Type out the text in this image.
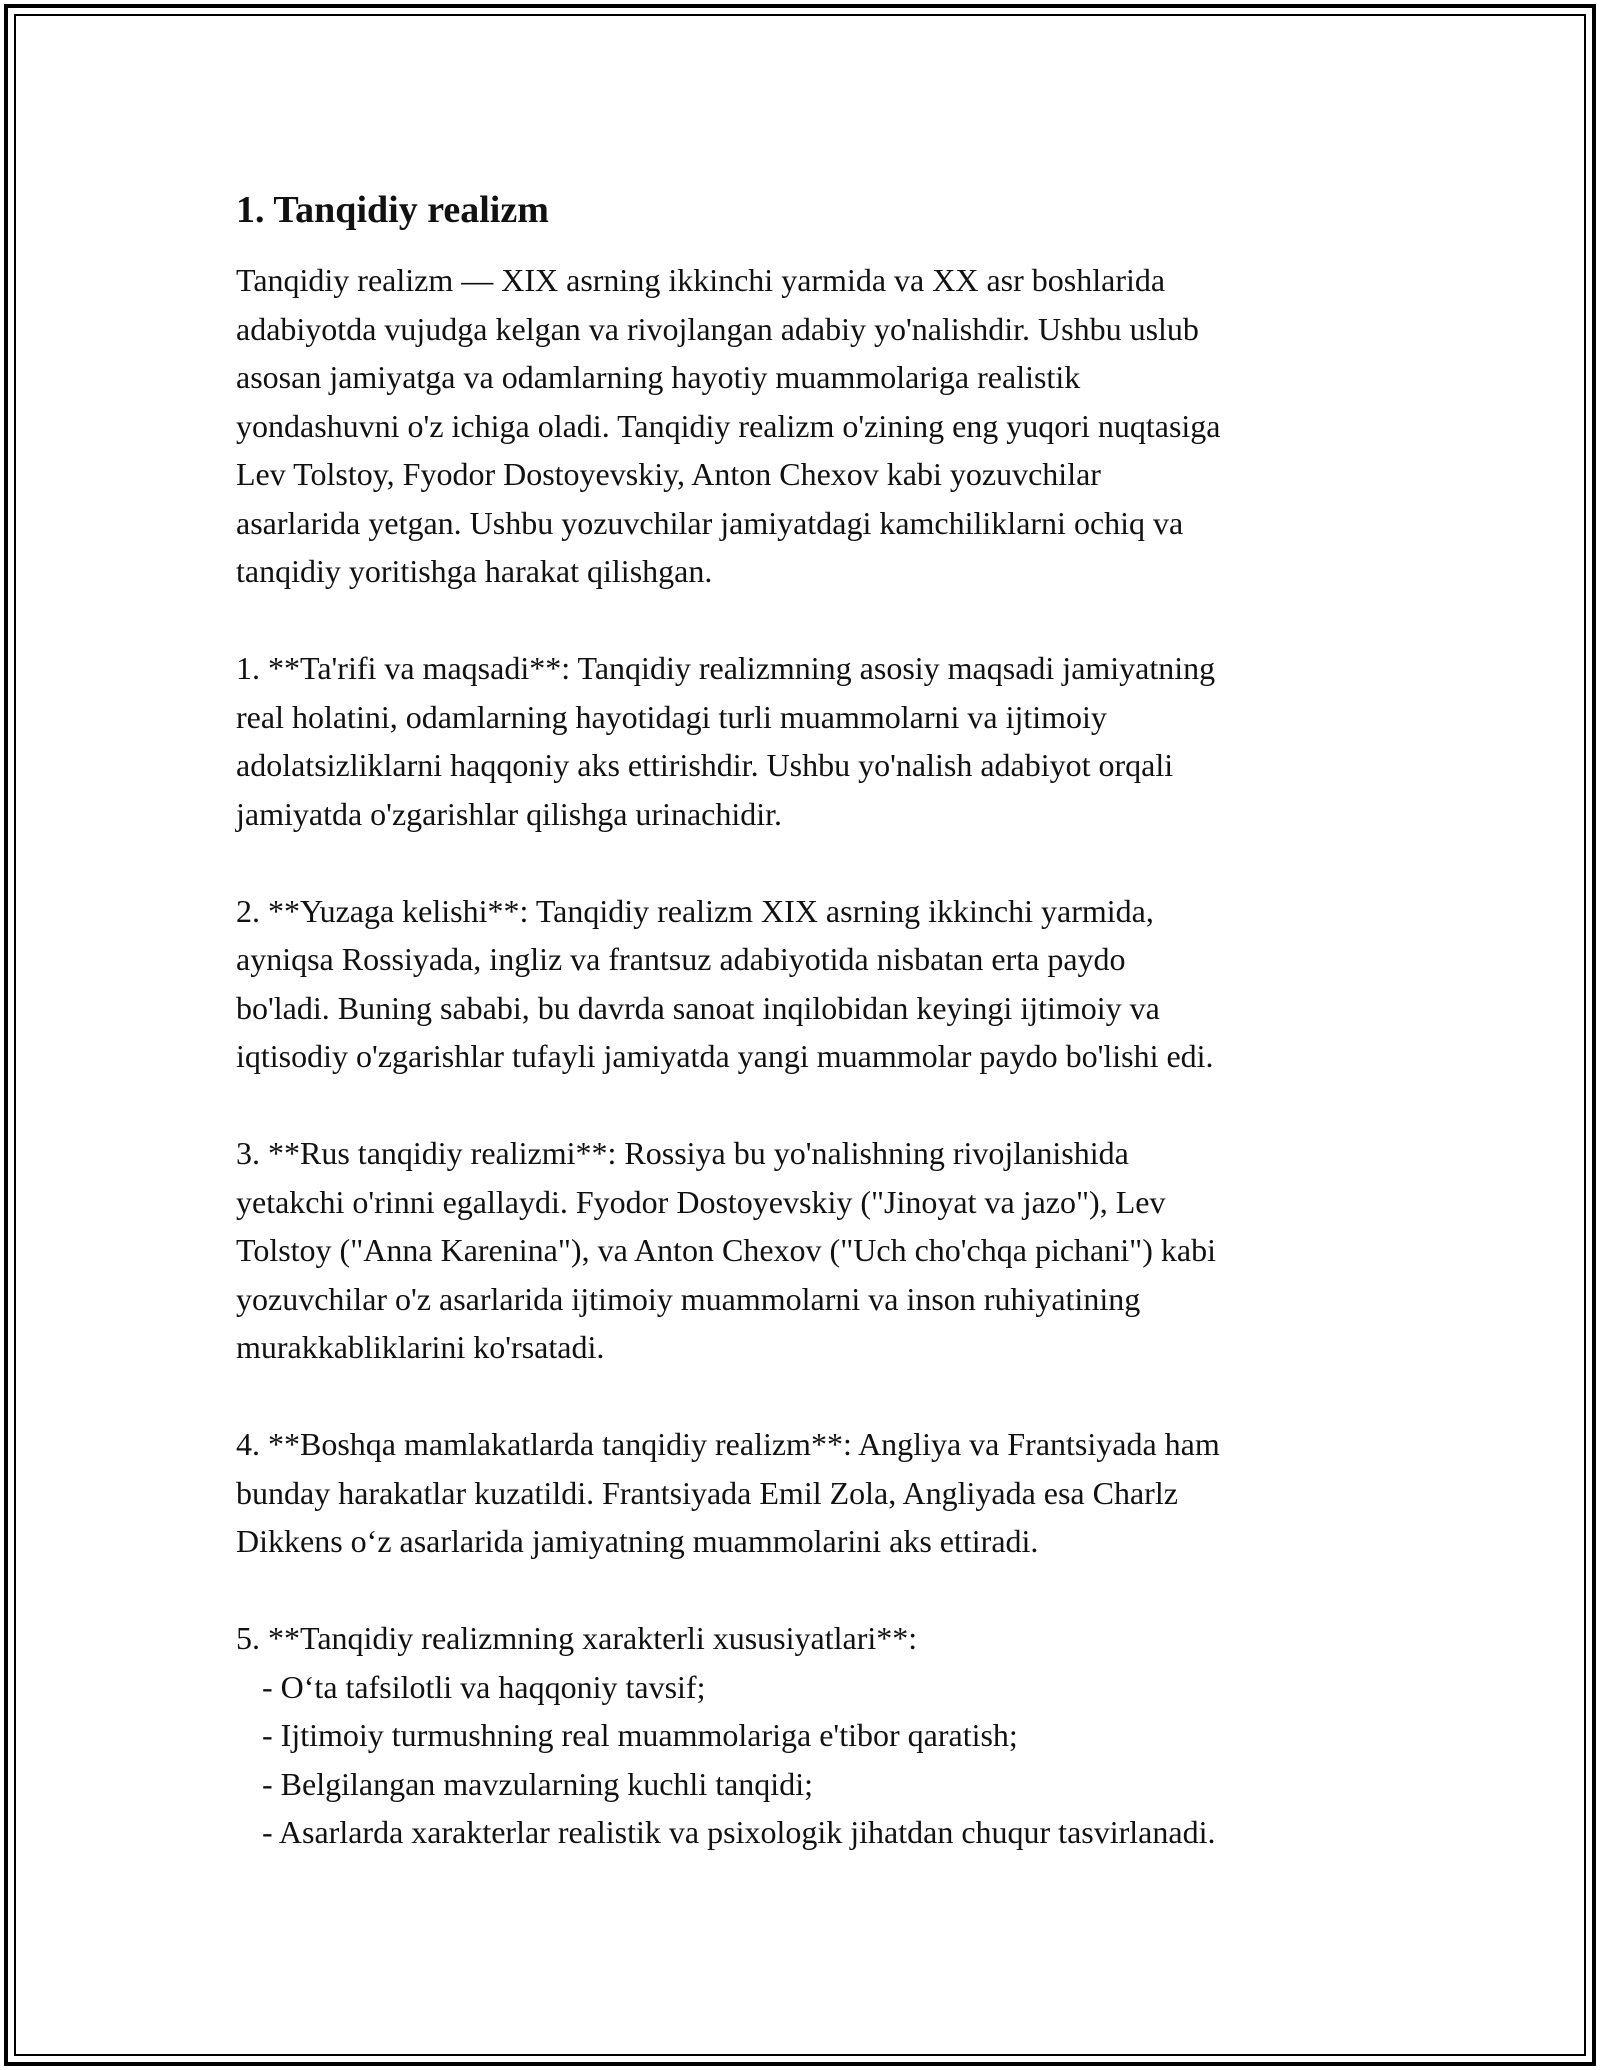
1. Tanqidiy realizm
Tanqidiy realizm — XIX asrning ikkinchi yarmida va XX asr boshlarida
adabiyotda vujudga kelgan va rivojlangan adabiy yo'nalishdir. Ushbu uslub
asosan jamiyatga va odamlarning hayotiy muammolariga realistik
yondashuvni o'z ichiga oladi. Tanqidiy realizm o'zining eng yuqori nuqtasiga
Lev Tolstoy, Fyodor Dostoyevskiy, Anton Chexov kabi yozuvchilar
asarlarida yetgan. Ushbu yozuvchilar jamiyatdagi kamchiliklarni ochiq va
tanqidiy yoritishga harakat qilishgan.
1. **Ta'rifi va maqsadi**: Tanqidiy realizmning asosiy maqsadi jamiyatning
real holatini, odamlarning hayotidagi turli muammolarni va ijtimoiy
adolatsizliklarni haqqoniy aks ettirishdir. Ushbu yo'nalish adabiyot orqali
jamiyatda o'zgarishlar qilishga urinachidir.
2. **Yuzaga kelishi**: Tanqidiy realizm XIX asrning ikkinchi yarmida,
ayniqsa Rossiyada, ingliz va frantsuz adabiyotida nisbatan erta paydo
bo'ladi. Buning sababi, bu davrda sanoat inqilobidan keyingi ijtimoiy va
iqtisodiy o'zgarishlar tufayli jamiyatda yangi muammolar paydo bo'lishi edi.
3. **Rus tanqidiy realizmi**: Rossiya bu yo'nalishning rivojlanishida
yetakchi o'rinni egallaydi. Fyodor Dostoyevskiy ("Jinoyat va jazo"), Lev
Tolstoy ("Anna Karenina"), va Anton Chexov ("Uch cho'chqa pichani") kabi
yozuvchilar o'z asarlarida ijtimoiy muammolarni va inson ruhiyatining
murakkabliklarini ko'rsatadi.
4. **Boshqa mamlakatlarda tanqidiy realizm**: Angliya va Frantsiyada ham
bunday harakatlar kuzatildi. Frantsiyada Emil Zola, Angliyada esa Charlz
Dikkens o‘z asarlarida jamiyatning muammolarini aks ettiradi.
5. **Tanqidiy realizmning xarakterli xususiyatlari**:
- O‘ta tafsilotli va haqqoniy tavsif;
- Ijtimoiy turmushning real muammolariga e'tibor qaratish;
- Belgilangan mavzularning kuchli tanqidi;
- Asarlarda xarakterlar realistik va psixologik jihatdan chuqur tasvirlanadi.
